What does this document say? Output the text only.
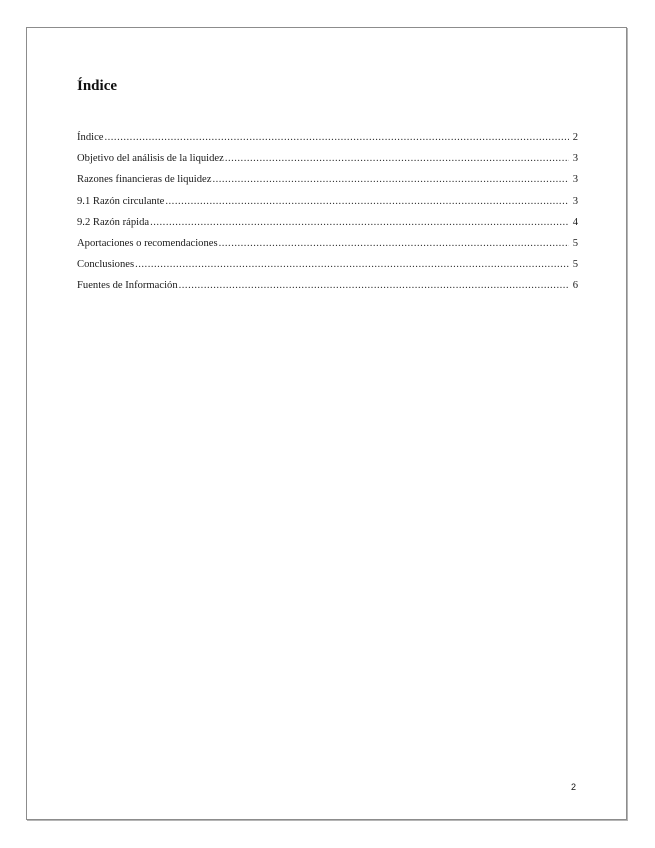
Índice
Índice .....	2
Objetivo del análisis de la liquidez .....	3
Razones financieras de liquidez .....	3
9.1 Razón circulante .....	3
9.2 Razón rápida .....	4
Aportaciones o recomendaciones .....	5
Conclusiones .....	5
Fuentes de Información .....	6
2
